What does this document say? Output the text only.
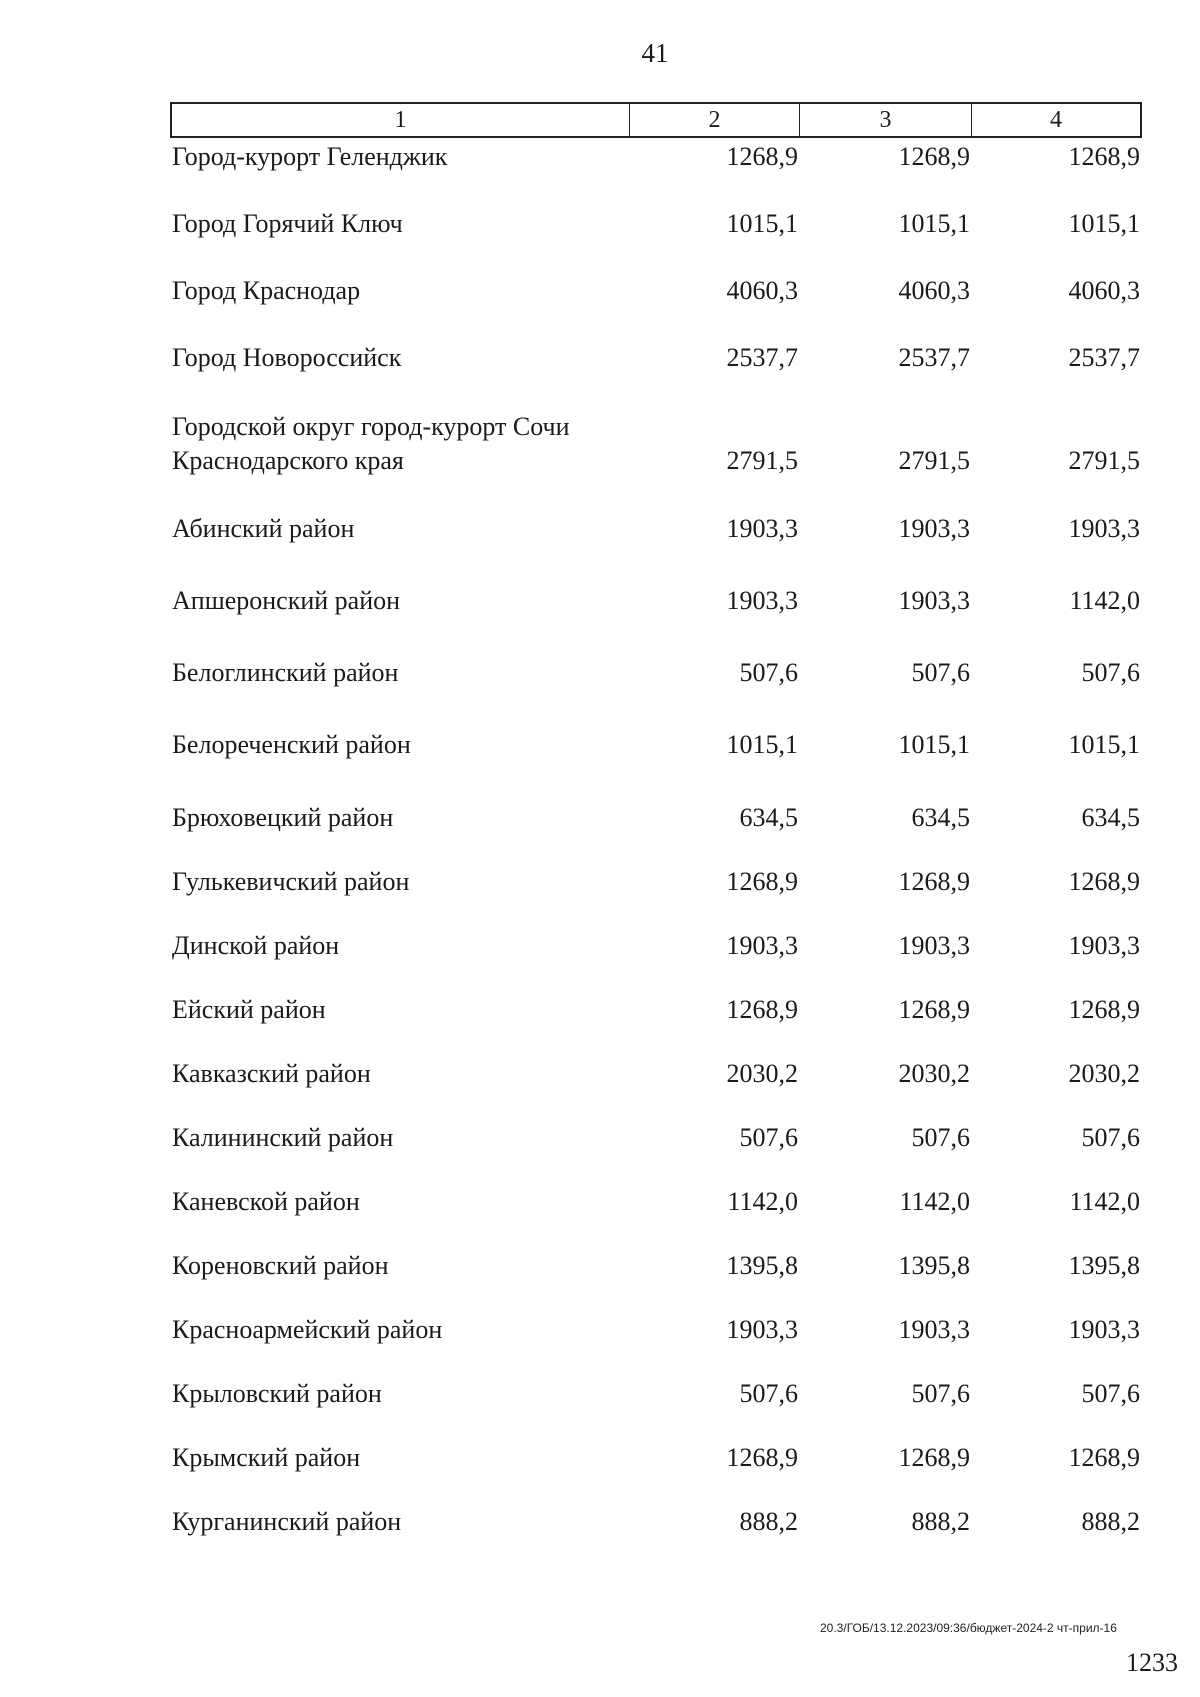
41
1	2	3	4
Город-курорт Геленджик	1268,9	1268,9	1268,9
Город Горячий Ключ	1015,1	1015,1	1015,1
Город Краснодар	4060,3	4060,3	4060,3
Город Новороссийск	2537,7	2537,7	2537,7
Городской округ город-курорт Сочи
Краснодарского края	2791,5	2791,5	2791,5
Абинский район	1903,3	1903,3	1903,3
Апшеронский район	1903,3	1903,3	1142,0
Белоглинский район	507,6	507,6	507,6
Белореченский район	1015,1	1015,1	1015,1
Брюховецкий район	634,5	634,5	634,5
Гулькевичский район	1268,9	1268,9	1268,9
Динской район	1903,3	1903,3	1903,3
Ейский район	1268,9	1268,9	1268,9
Кавказский район	2030,2	2030,2	2030,2
Калининский район	507,6	507,6	507,6
Каневской район	1142,0	1142,0	1142,0
Кореновский район	1395,8	1395,8	1395,8
Красноармейский район	1903,3	1903,3	1903,3
Крыловский район	507,6	507,6	507,6
Крымский район	1268,9	1268,9	1268,9
Курганинский район	888,2	888,2	888,2
20.3/ГОБ/13.12.2023/09:36/бюджет-2024-2 чт-прил-16
1233
